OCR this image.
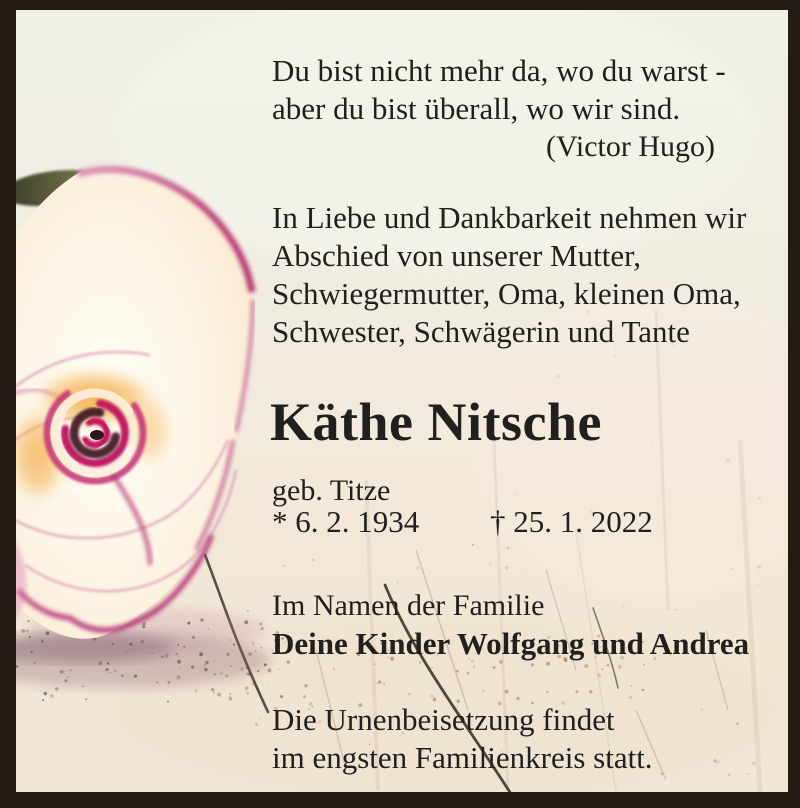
Du bist nicht mehr da, wo du warst -
aber du bist überall, wo wir sind.
(Victor Hugo)
In Liebe und Dankbarkeit nehmen wir
Abschied von unserer Mutter,
Schwiegermutter, Oma, kleinen Oma,
Schwester, Schwägerin und Tante
Käthe Nitsche
geb. Titze
* 6. 2. 1934 † 25. 1. 2022
Im Namen der Familie
Deine Kinder Wolfgang und Andrea
Die Urnenbeisetzung findet
im engsten Familienkreis statt.
